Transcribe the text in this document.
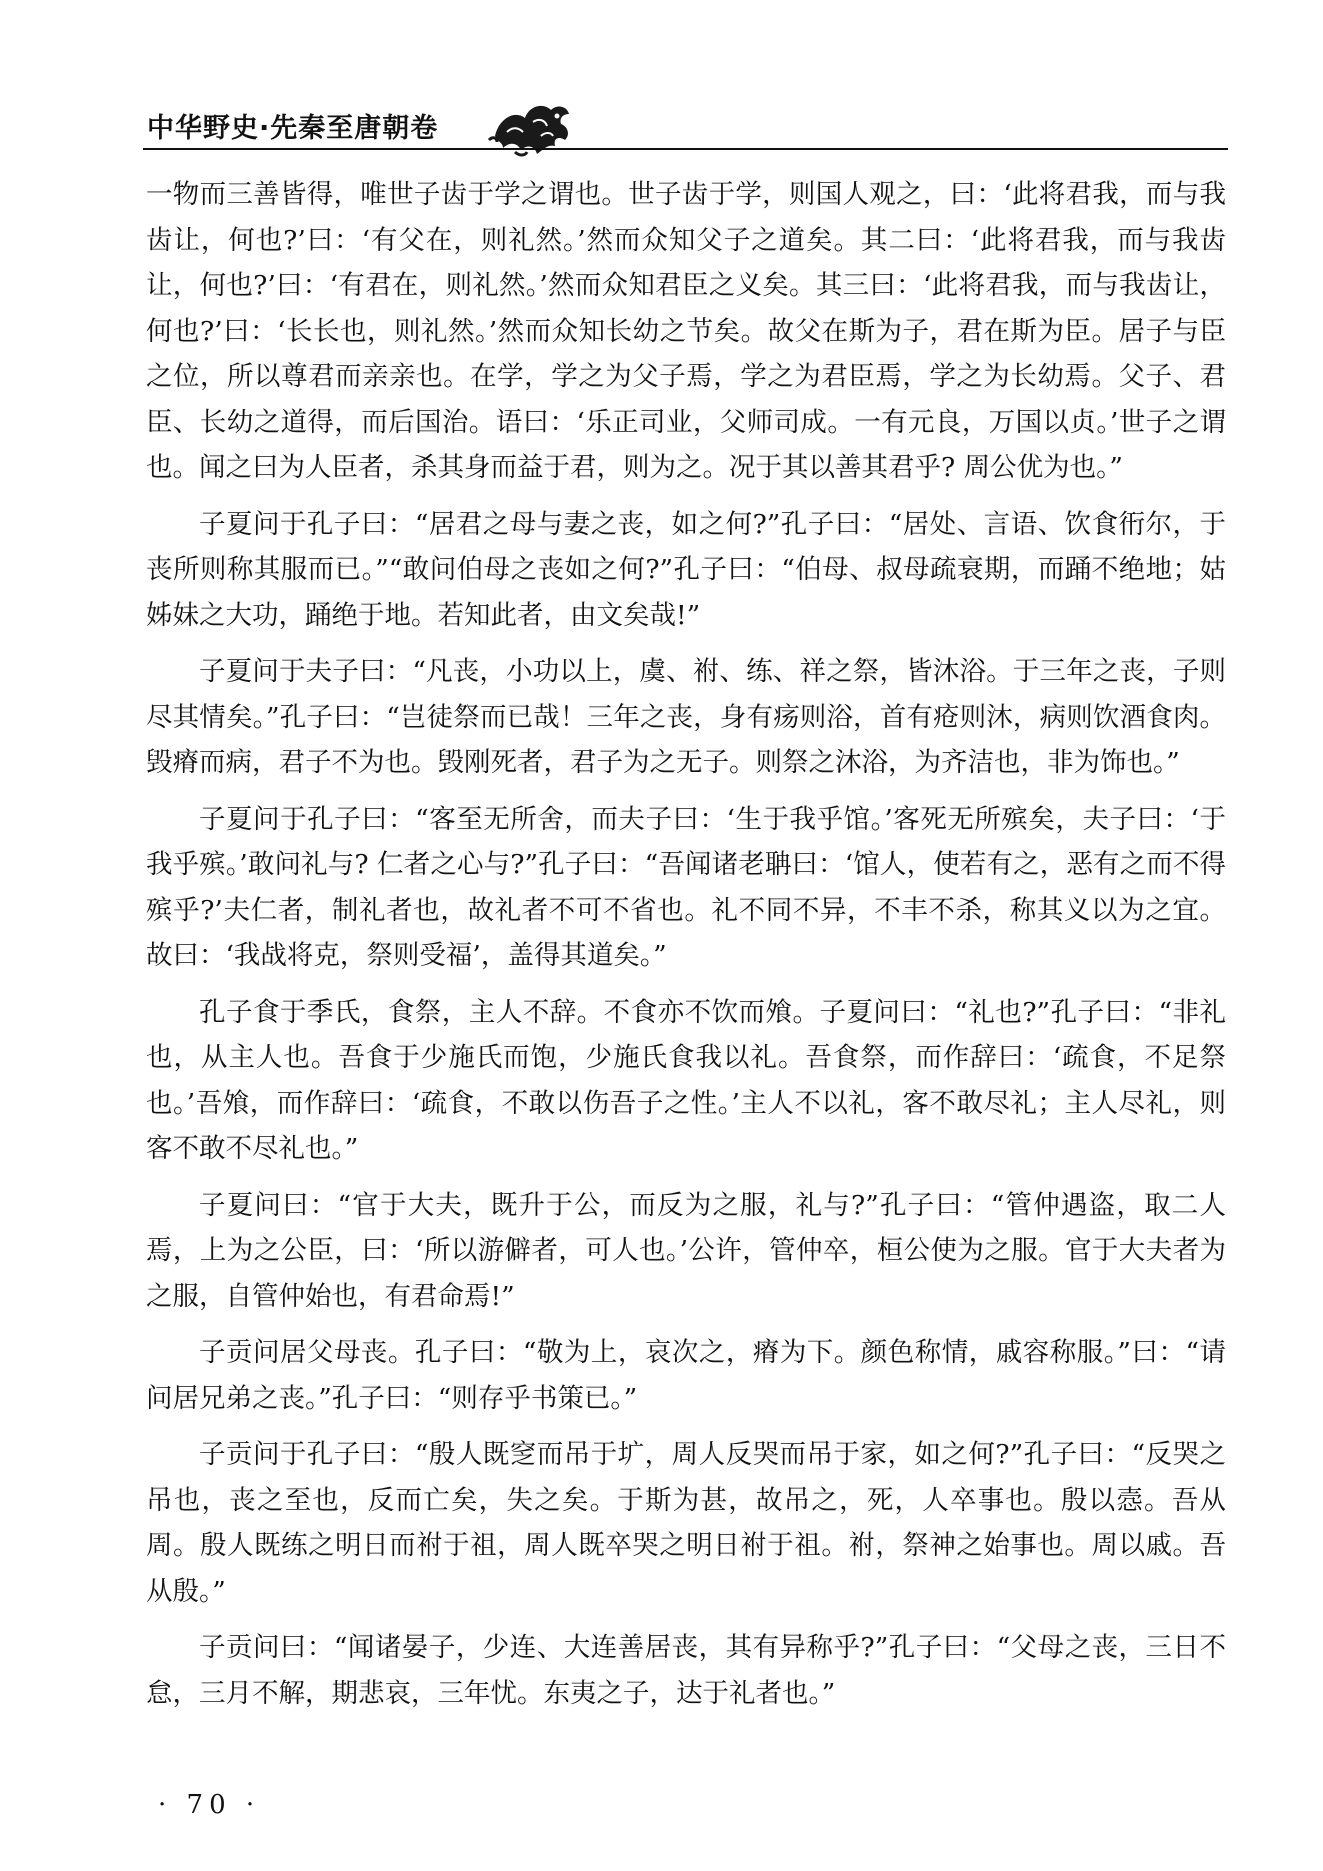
中华野史·先秦至唐朝卷

一物而三善皆得，唯世子齿于学之谓也。世子齿于学，则国人观之，曰：‘此将君我，而与我齿让，何也?’曰：‘有父在，则礼然。’然而众知父子之道矣。其二曰：‘此将君我，而与我齿让，何也?’曰：‘有君在，则礼然。’然而众知君臣之义矣。其三曰：‘此将君我，而与我齿让，何也?’曰：‘长长也，则礼然。’然而众知长幼之节矣。故父在斯为子，君在斯为臣。居子与臣之位，所以尊君而亲亲也。在学，学之为父子焉，学之为君臣焉，学之为长幼焉。父子、君臣、长幼之道得，而后国治。语曰：‘乐正司业，父师司成。一有元良，万国以贞。’世子之谓也。闻之曰为人臣者，杀其身而益于君，则为之。况于其以善其君乎? 周公优为也。”

子夏问于孔子曰：“居君之母与妻之丧，如之何?”孔子曰：“居处、言语、饮食衎尔，于丧所则称其服而已。”“敢问伯母之丧如之何?”孔子曰：“伯母、叔母疏衰期，而踊不绝地；姑姊妹之大功，踊绝于地。若知此者，由文矣哉!”

子夏问于夫子曰：“凡丧，小功以上，虞、祔、练、祥之祭，皆沐浴。于三年之丧，子则尽其情矣。”孔子曰：“岂徒祭而已哉！三年之丧，身有疡则浴，首有疮则沐，病则饮酒食肉。毁瘠而病，君子不为也。毁刚死者，君子为之无子。则祭之沐浴，为齐洁也，非为饰也。”

子夏问于孔子曰：“客至无所舍，而夫子曰：‘生于我乎馆。’客死无所殡矣，夫子曰：‘于我乎殡。’敢问礼与? 仁者之心与?”孔子曰：“吾闻诸老聃曰：‘馆人，使若有之，恶有之而不得殡乎?’夫仁者，制礼者也，故礼者不可不省也。礼不同不异，不丰不杀，称其义以为之宜。故曰：‘我战将克，祭则受福’，盖得其道矣。”

孔子食于季氏，食祭，主人不辞。不食亦不饮而飧。子夏问曰：“礼也?”孔子曰：“非礼也，从主人也。吾食于少施氏而饱，少施氏食我以礼。吾食祭，而作辞曰：‘疏食，不足祭也。’吾飧，而作辞曰：‘疏食，不敢以伤吾子之性。’主人不以礼，客不敢尽礼；主人尽礼，则客不敢不尽礼也。”

子夏问曰：“官于大夫，既升于公，而反为之服，礼与?”孔子曰：“管仲遇盗，取二人焉，上为之公臣，曰：‘所以游僻者，可人也。’公许，管仲卒，桓公使为之服。官于大夫者为之服，自管仲始也，有君命焉!”

子贡问居父母丧。孔子曰：“敬为上，哀次之，瘠为下。颜色称情，戚容称服。”曰：“请问居兄弟之丧。”孔子曰：“则存乎书策已。”

子贡问于孔子曰：“殷人既窆而吊于圹，周人反哭而吊于家，如之何?”孔子曰：“反哭之吊也，丧之至也，反而亡矣，失之矣。于斯为甚，故吊之，死，人卒事也。殷以悫。吾从周。殷人既练之明日而祔于祖，周人既卒哭之明日祔于祖。祔，祭神之始事也。周以戚。吾从殷。”

子贡问曰：“闻诸晏子，少连、大连善居丧，其有异称乎?”孔子曰：“父母之丧，三日不怠，三月不解，期悲哀，三年忧。东夷之子，达于礼者也。”

· 70 ·
